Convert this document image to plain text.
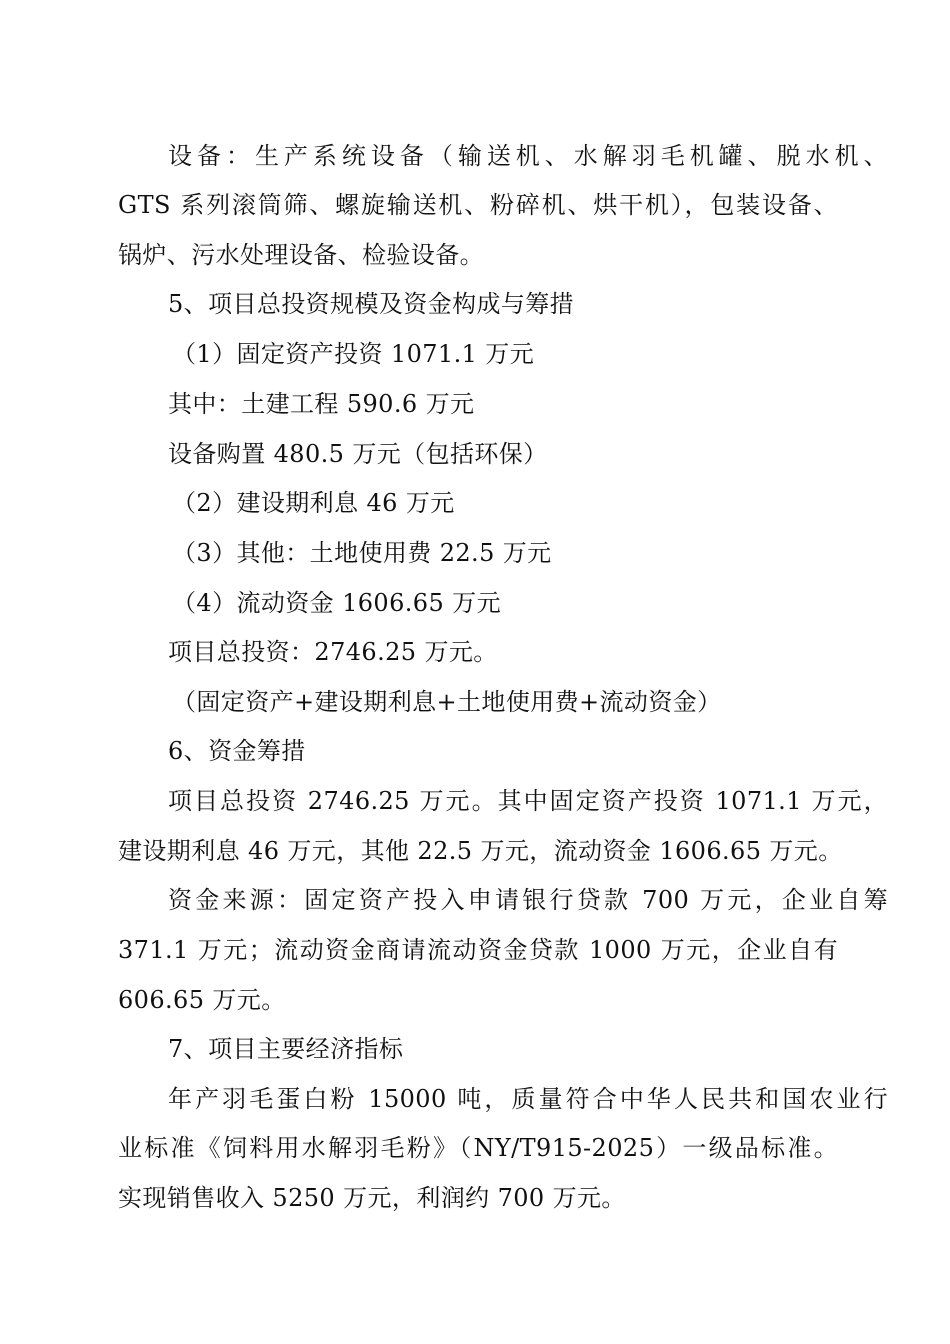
设备：生产系统设备（输送机、水解羽毛机罐、脱水机、
GTS 系列滚筒筛、螺旋输送机、粉碎机、烘干机），包装设备、
锅炉、污水处理设备、检验设备。
5、项目总投资规模及资金构成与筹措
（1）固定资产投资 1071.1 万元
其中：土建工程 590.6 万元
设备购置 480.5 万元（包括环保）
（2）建设期利息 46 万元
（3）其他：土地使用费 22.5 万元
（4）流动资金 1606.65 万元
项目总投资：2746.25 万元。
（固定资产+建设期利息+土地使用费+流动资金）
6、资金筹措
项目总投资 2746.25 万元。其中固定资产投资 1071.1 万元，
建设期利息 46 万元，其他 22.5 万元，流动资金 1606.65 万元。
资金来源：固定资产投入申请银行贷款 700 万元，企业自筹
371.1 万元；流动资金商请流动资金贷款 1000 万元，企业自有
606.65 万元。
7、项目主要经济指标
年产羽毛蛋白粉 15000 吨，质量符合中华人民共和国农业行
业标准《饲料用水解羽毛粉》（NY/T915-2025）一级品标准。
实现销售收入 5250 万元，利润约 700 万元。
